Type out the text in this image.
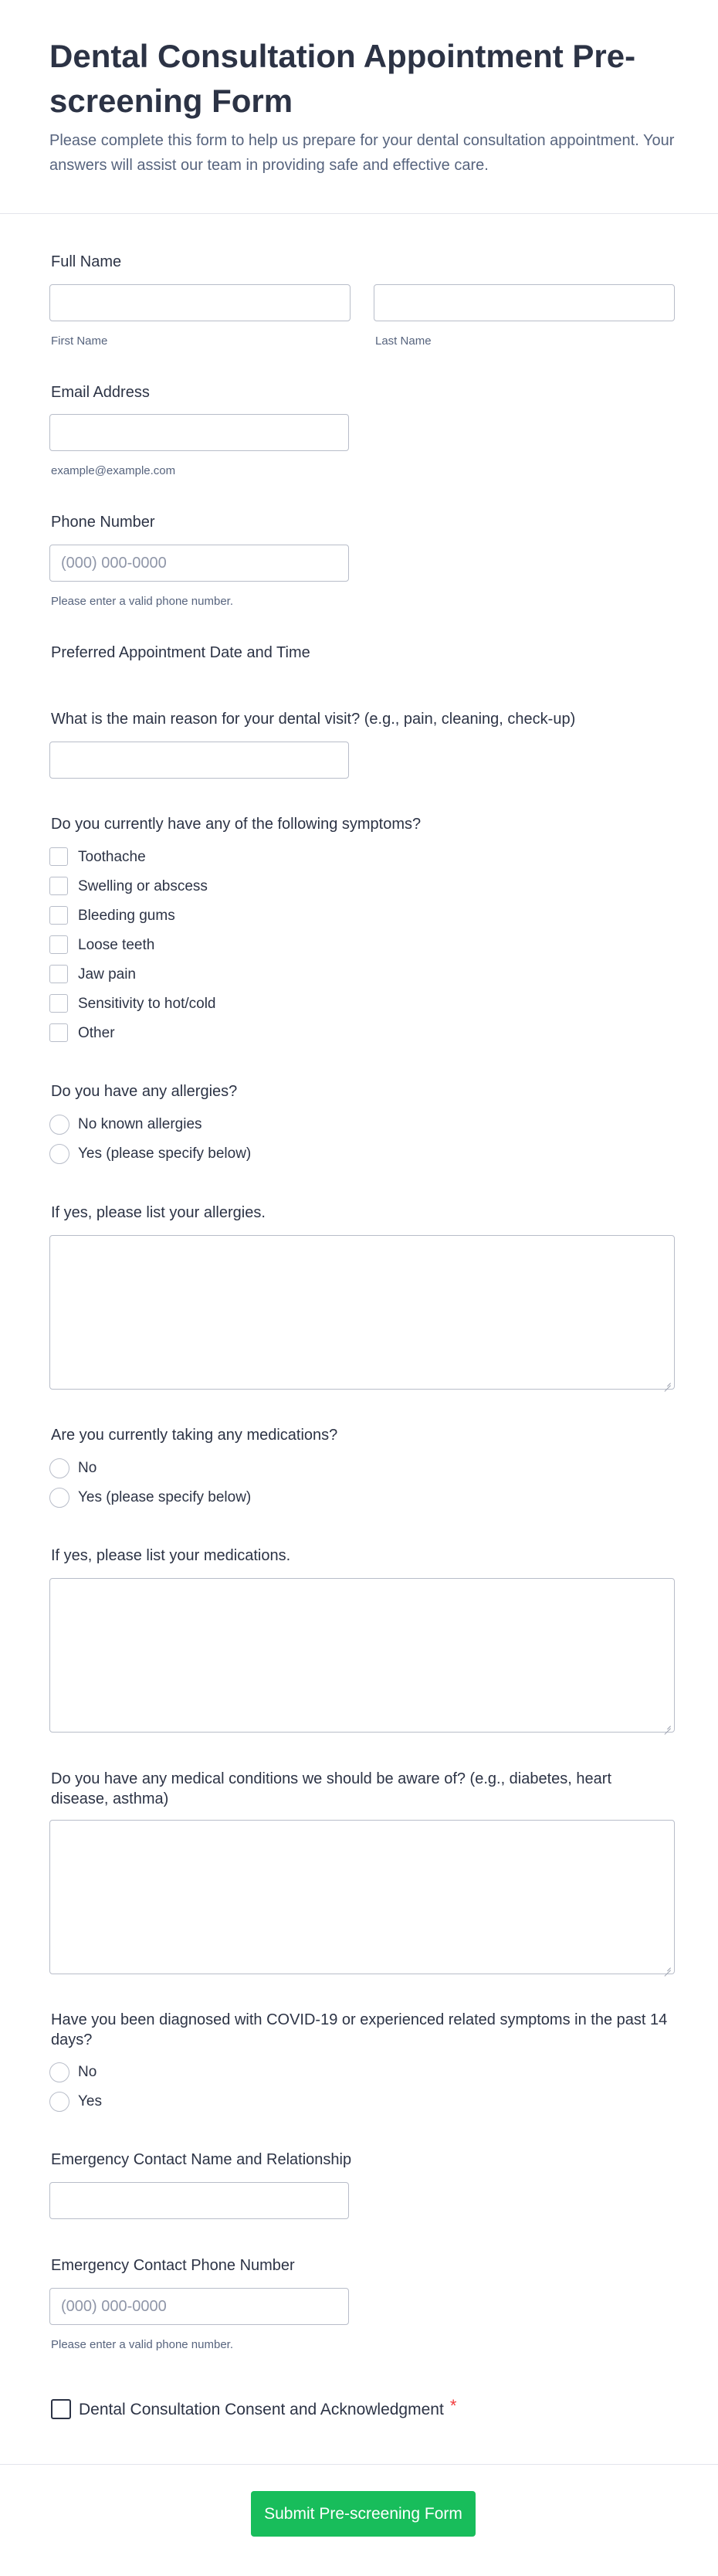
Dental Consultation Appointment Pre-screening Form
Please complete this form to help us prepare for your dental consultation appointment. Your answers will assist our team in providing safe and effective care.
Full Name
First Name	Last Name
Email Address
example@example.com
Phone Number
(000) 000-0000
Please enter a valid phone number.
Preferred Appointment Date and Time
What is the main reason for your dental visit? (e.g., pain, cleaning, check-up)
Do you currently have any of the following symptoms?
Toothache
Swelling or abscess
Bleeding gums
Loose teeth
Jaw pain
Sensitivity to hot/cold
Other
Do you have any allergies?
No known allergies
Yes (please specify below)
If yes, please list your allergies.
Are you currently taking any medications?
No
Yes (please specify below)
If yes, please list your medications.
Do you have any medical conditions we should be aware of? (e.g., diabetes, heart disease, asthma)
Have you been diagnosed with COVID-19 or experienced related symptoms in the past 14 days?
No
Yes
Emergency Contact Name and Relationship
Emergency Contact Phone Number
(000) 000-0000
Please enter a valid phone number.
Dental Consultation Consent and Acknowledgment *
Submit Pre-screening Form
